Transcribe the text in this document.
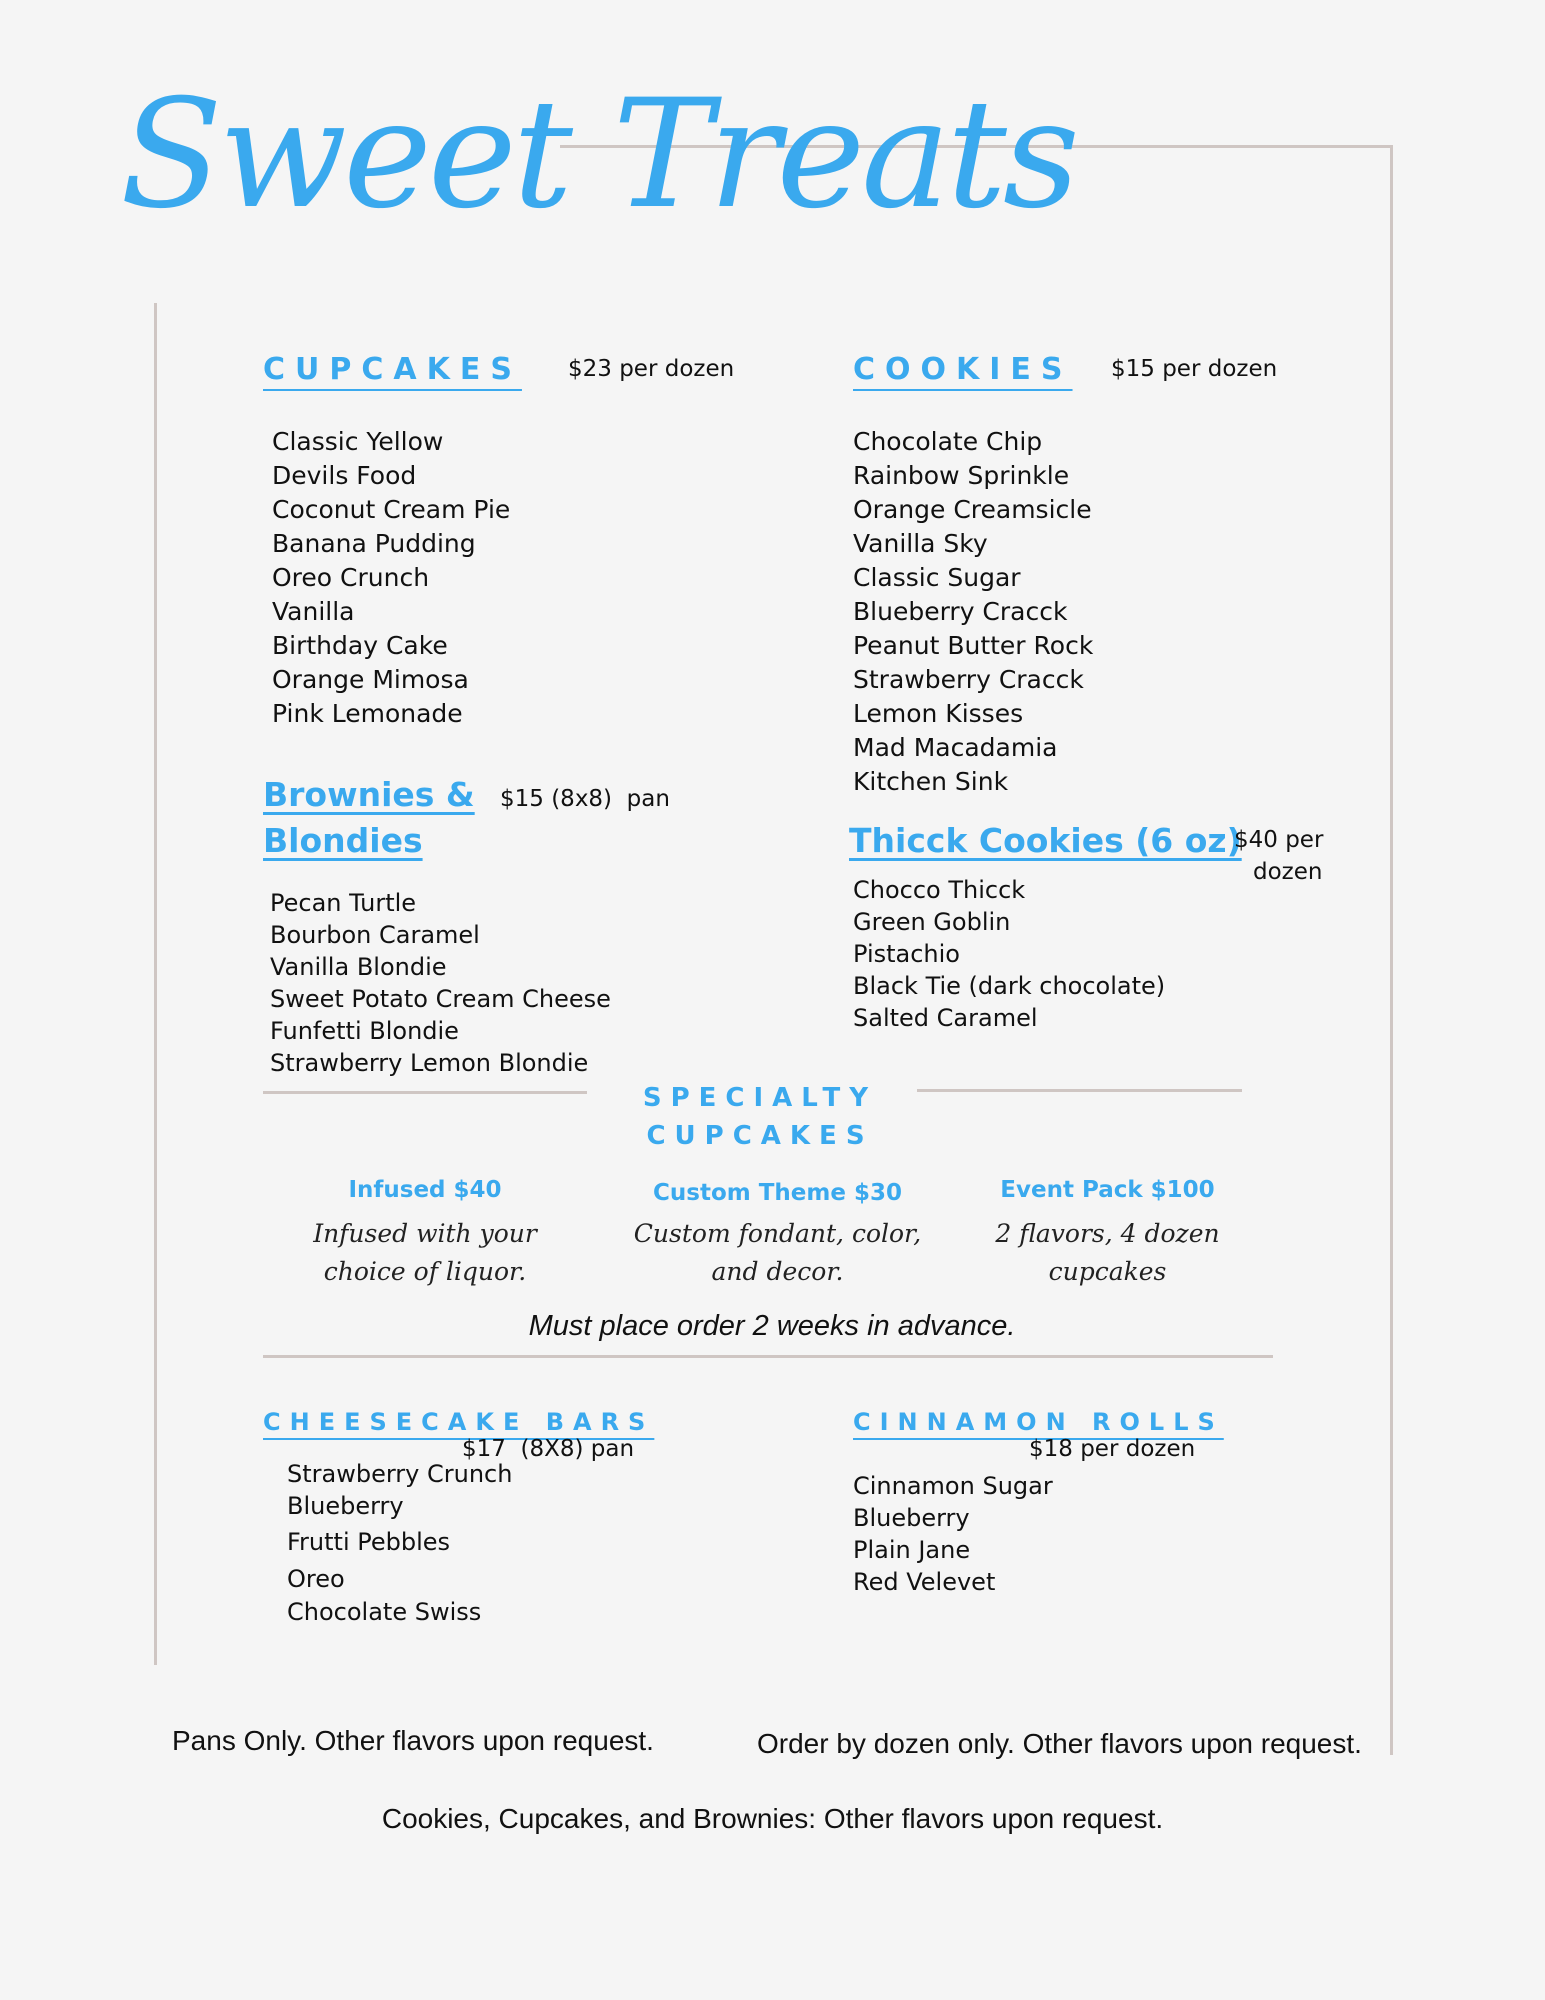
Sweet Treats
CUPCAKES	$23 per dozen
Classic Yellow
Devils Food
Coconut Cream Pie
Banana Pudding
Oreo Crunch
Vanilla
Birthday Cake
Orange Mimosa
Pink Lemonade
COOKIES $15 per dozen
Chocolate Chip
Rainbow Sprinkle
Orange Creamsicle
Vanilla Sky
Classic Sugar
Blueberry Cracck
Peanut Butter Rock
Strawberry Cracck
Lemon Kisses
Mad Macadamia
Kitchen Sink
Brownies &
Blondies
$15 (8x8)  pan
Pecan Turtle
Bourbon Caramel
Vanilla Blondie
Sweet Potato Cream Cheese
Funfetti Blondie
Strawberry Lemon Blondie
Thicck Cookies (6 oz)
$40 per
dozen
Chocco Thicck
Green Goblin
Pistachio
Black Tie (dark chocolate)
Salted Caramel
SPECIALTY
CUPCAKES
Infused $40
Infused with your
choice of liquor.
Custom Theme $30
Custom fondant, color,
and decor.
Event Pack $100
2 flavors, 4 dozen
cupcakes
Must place order 2 weeks in advance.
CHEESECAKE BARS
$17  (8X8) pan
Strawberry Crunch
Blueberry
Frutti Pebbles
Oreo
Chocolate Swiss
CINNAMON ROLLS
$18 per dozen
Cinnamon Sugar
Blueberry
Plain Jane
Red Velevet
Pans Only. Other flavors upon request.	Order by dozen only. Other flavors upon request.
Cookies, Cupcakes, and Brownies: Other flavors upon request.
